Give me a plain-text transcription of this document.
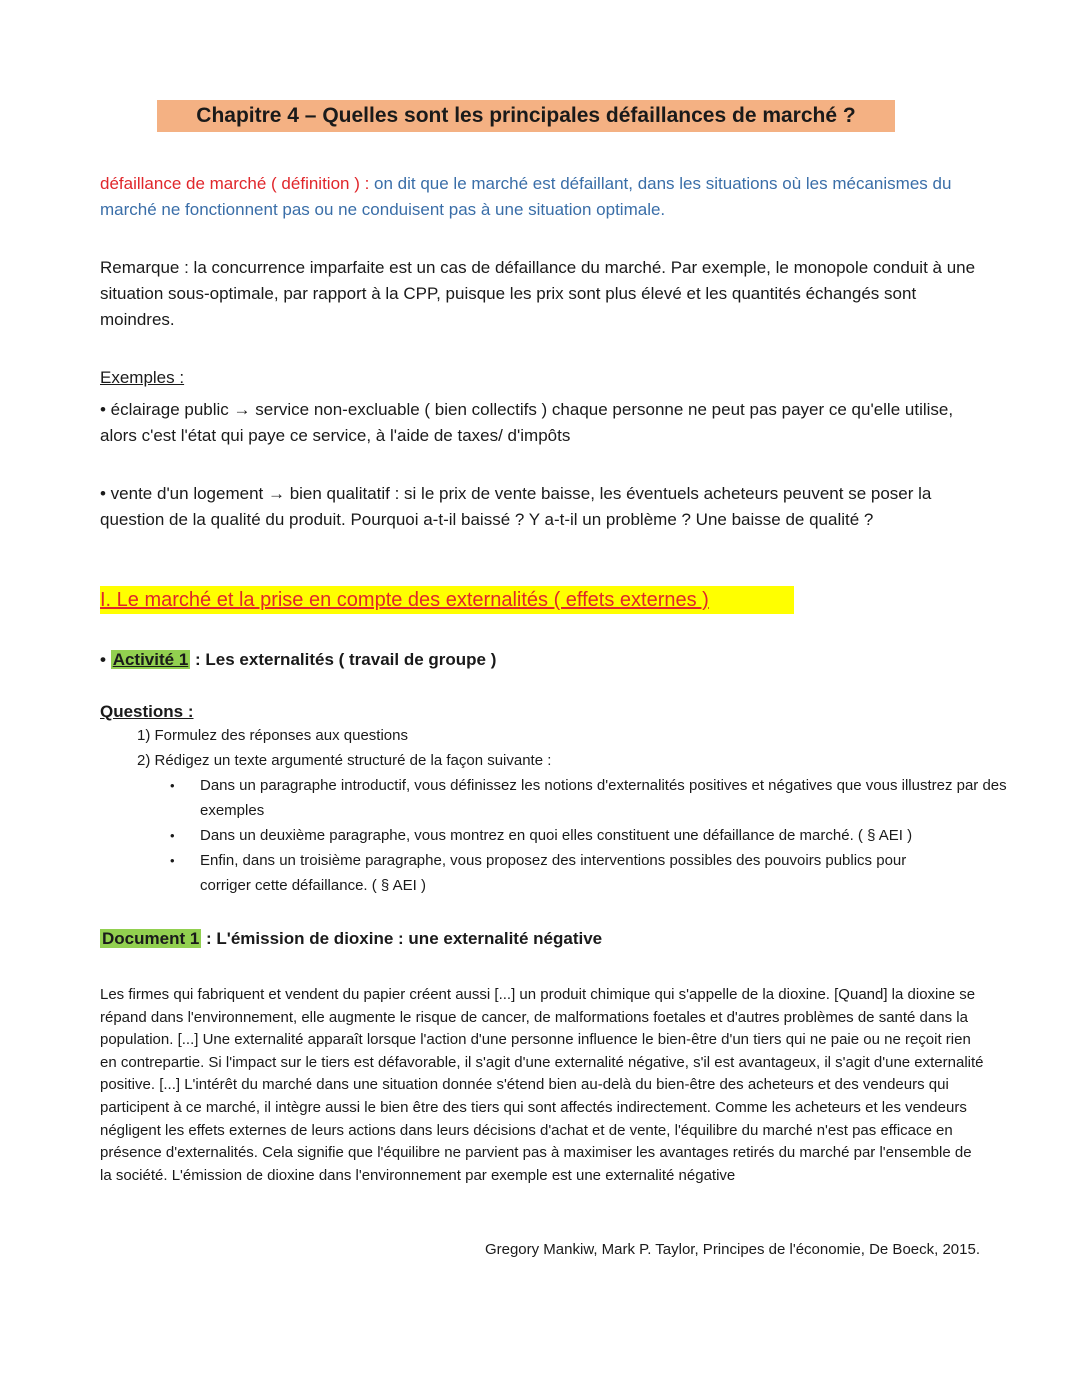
Chapitre 4 – Quelles sont les principales défaillances de marché ?

défaillance de marché ( définition ) : on dit que le marché est défaillant, dans les situations où les mécanismes du marché ne fonctionnent pas ou ne conduisent pas à une situation optimale.

Remarque : la concurrence imparfaite est un cas de défaillance du marché. Par exemple, le monopole conduit à une situation sous-optimale, par rapport à la CPP, puisque les prix sont plus élevé et les quantités échangés sont moindres.

Exemples :

• éclairage public → service non-excluable ( bien collectifs ) chaque personne ne peut pas payer ce qu'elle utilise, alors c'est l'état qui paye ce service, à l'aide de taxes/ d'impôts

• vente d'un logement → bien qualitatif : si le prix de vente baisse, les éventuels acheteurs peuvent se poser la question de la qualité du produit. Pourquoi a-t-il baissé ? Y a-t-il un problème ? Une baisse de qualité ?

I. Le marché et la prise en compte des externalités ( effets externes )
• Activité 1 : Les externalités ( travail de groupe )
Questions :
1) Formulez des réponses aux questions
2) Rédigez un texte argumenté structuré de la façon suivante :
• Dans un paragraphe introductif, vous définissez les notions d'externalités positives et négatives que vous illustrez par des exemples
• Dans un deuxième paragraphe, vous montrez en quoi elles constituent une défaillance de marché. ( § AEI )
• Enfin, dans un troisième paragraphe, vous proposez des interventions possibles des pouvoirs publics pour corriger cette défaillance. ( § AEI )
Document 1 : L'émission de dioxine : une externalité négative

Les firmes qui fabriquent et vendent du papier créent aussi [...] un produit chimique qui s'appelle de la dioxine. [Quand] la dioxine se répand dans l'environnement, elle augmente le risque de cancer, de malformations foetales et d'autres problèmes de santé dans la population. [...] Une externalité apparaît lorsque l'action d'une personne influence le bien-être d'un tiers qui ne paie ou ne reçoit rien en contrepartie. Si l'impact sur le tiers est défavorable, il s'agit d'une externalité négative, s'il est avantageux, il s'agit d'une externalité positive. [...] L'intérêt du marché dans une situation donnée s'étend bien au-delà du bien-être des acheteurs et des vendeurs qui participent à ce marché, il intègre aussi le bien être des tiers qui sont affectés indirectement. Comme les acheteurs et les vendeurs négligent les effets externes de leurs actions dans leurs décisions d'achat et de vente, l'équilibre du marché n'est pas efficace en présence d'externalités. Cela signifie que l'équilibre ne parvient pas à maximiser les avantages retirés du marché par l'ensemble de la société. L'émission de dioxine dans l'environnement par exemple est une externalité négative

Gregory Mankiw, Mark P. Taylor, Principes de l'économie, De Boeck, 2015.
